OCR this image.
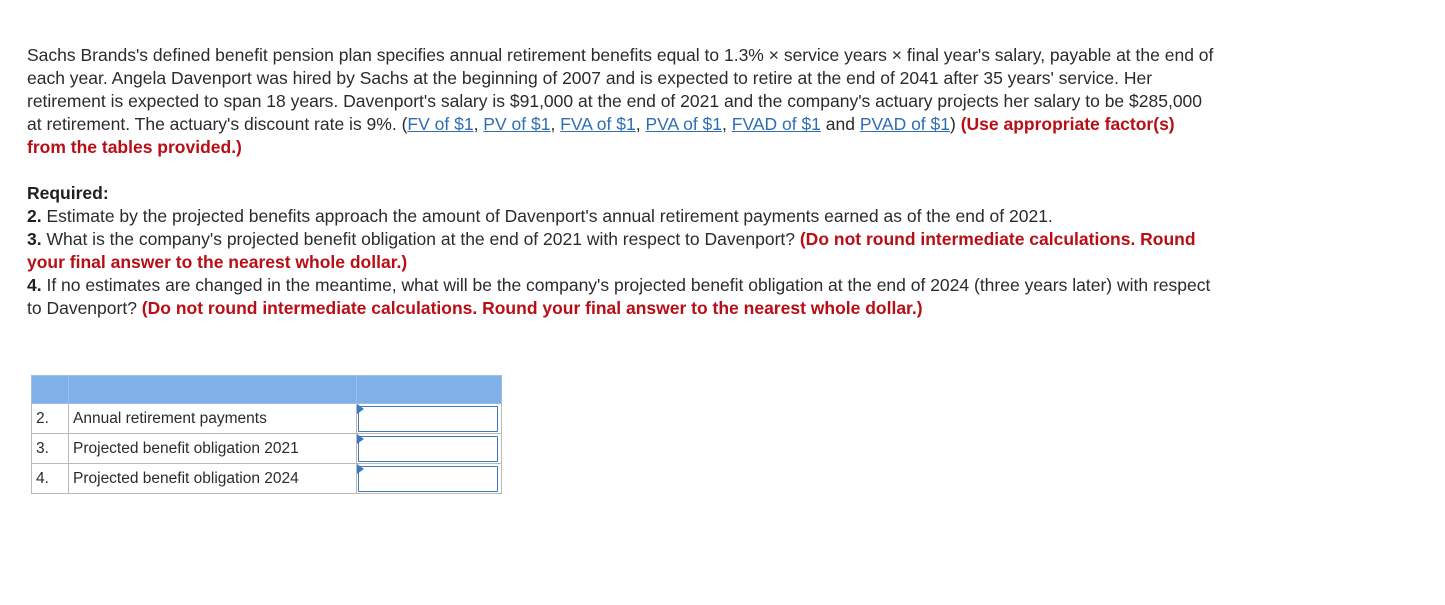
Sachs Brands's defined benefit pension plan specifies annual retirement benefits equal to 1.3% × service years × final year's salary, payable at the end of each year. Angela Davenport was hired by Sachs at the beginning of 2007 and is expected to retire at the end of 2041 after 35 years' service. Her retirement is expected to span 18 years. Davenport's salary is $91,000 at the end of 2021 and the company's actuary projects her salary to be $285,000 at retirement. The actuary's discount rate is 9%. (FV of $1, PV of $1, FVA of $1, PVA of $1, FVAD of $1 and PVAD of $1) (Use appropriate factor(s) from the tables provided.)

Required:

2. Estimate by the projected benefits approach the amount of Davenport's annual retirement payments earned as of the end of 2021.

3. What is the company's projected benefit obligation at the end of 2021 with respect to Davenport? (Do not round intermediate calculations. Round your final answer to the nearest whole dollar.)

4. If no estimates are changed in the meantime, what will be the company's projected benefit obligation at the end of 2024 (three years later) with respect to Davenport? (Do not round intermediate calculations. Round your final answer to the nearest whole dollar.)

2.	Annual retirement payments	

3.	Projected benefit obligation 2021	

4.	Projected benefit obligation 2024	
